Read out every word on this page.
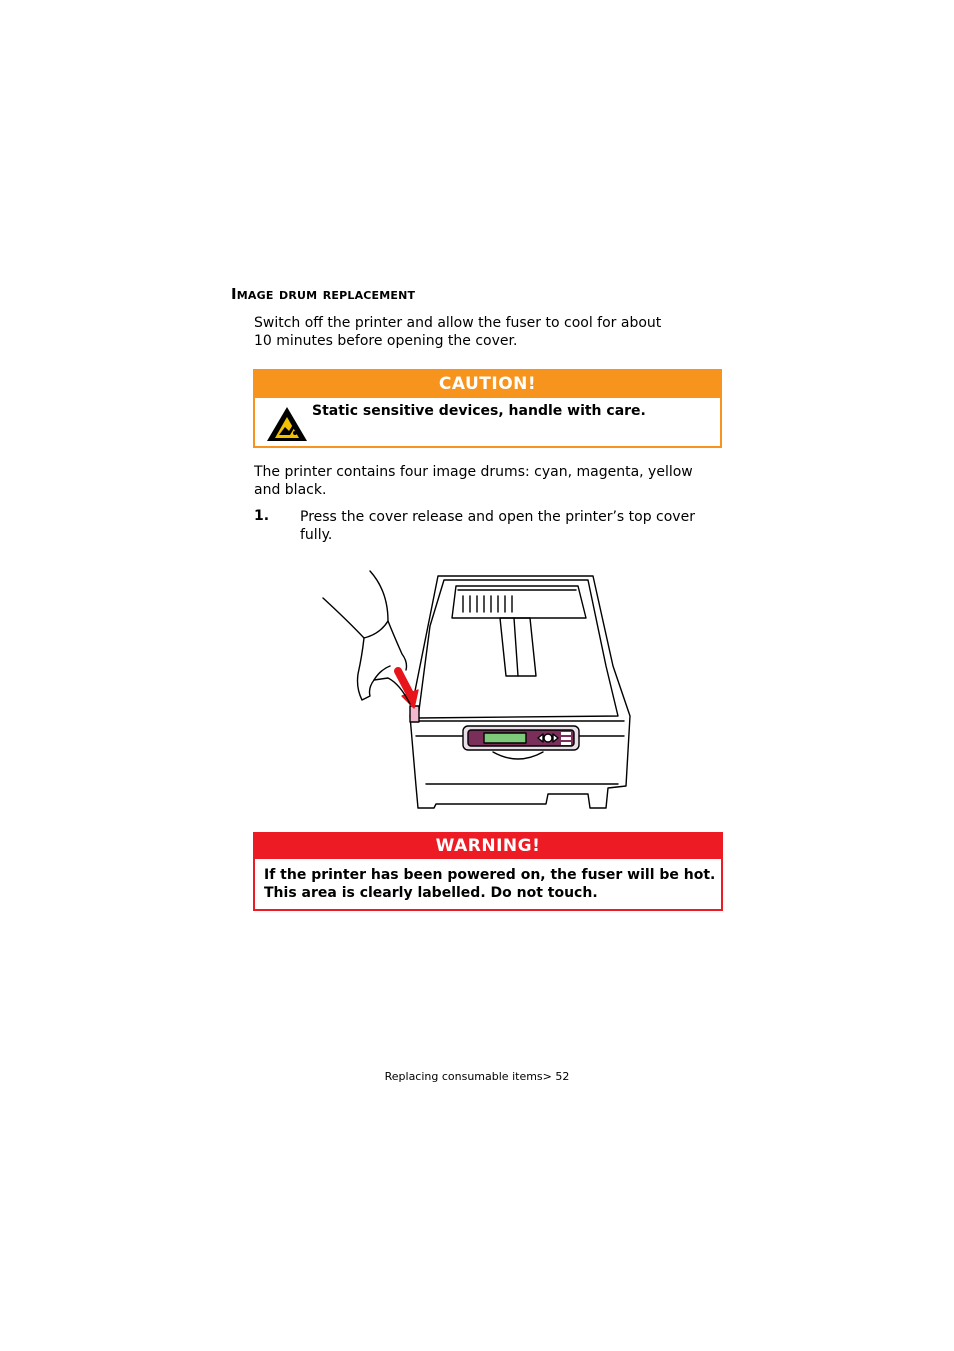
Image drum replacement
Switch off the printer and allow the fuser to cool for about
10 minutes before opening the cover.
CAUTION!
Static sensitive devices, handle with care.
The printer contains four image drums: cyan, magenta, yellow
and black.
1. Press the cover release and open the printer’s top cover
fully.
WARNING!
If the printer has been powered on, the fuser will be hot.
This area is clearly labelled. Do not touch.
Replacing consumable items> 52
